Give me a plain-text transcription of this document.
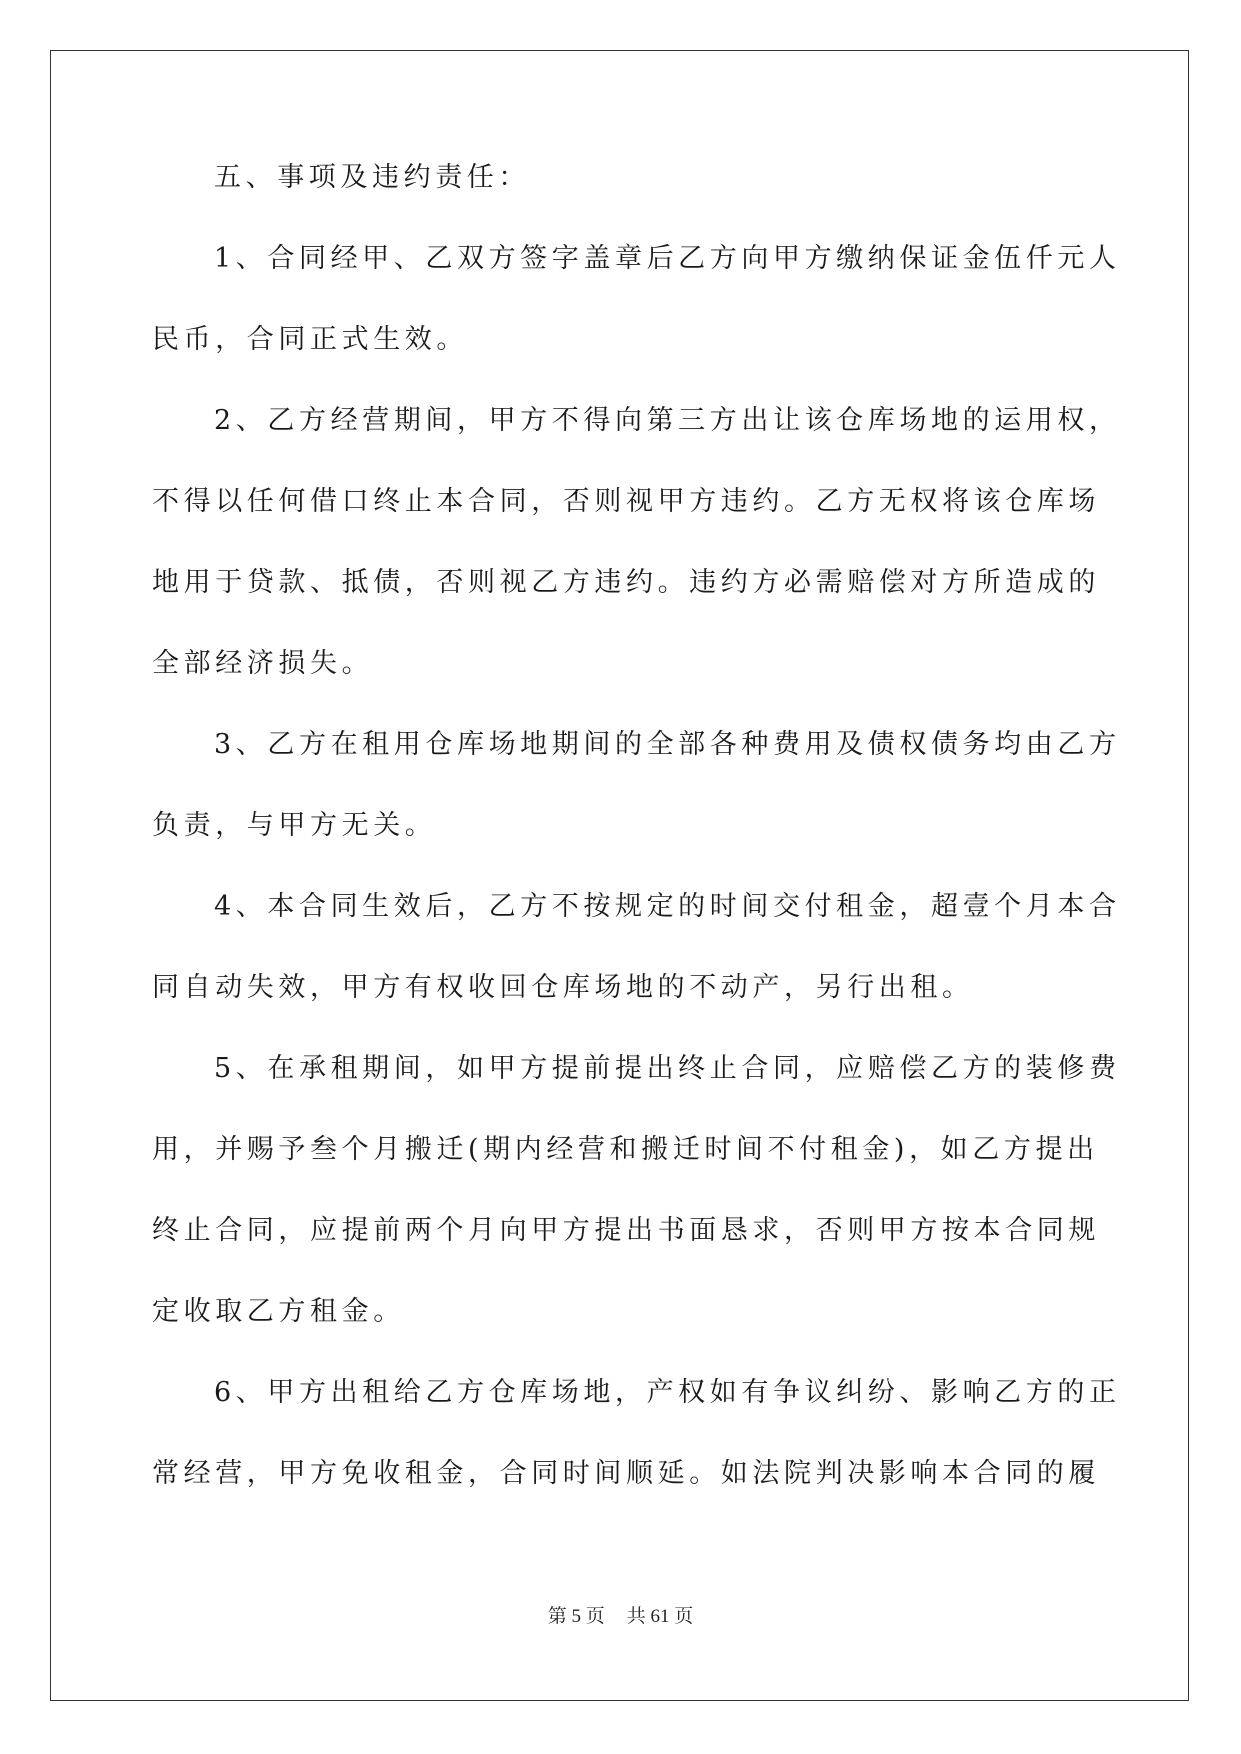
五、事项及违约责任：
1、合同经甲、乙双方签字盖章后乙方向甲方缴纳保证金伍仟元人
民币，合同正式生效。
2、乙方经营期间，甲方不得向第三方出让该仓库场地的运用权，
不得以任何借口终止本合同，否则视甲方违约。乙方无权将该仓库场
地用于贷款、抵债，否则视乙方违约。违约方必需赔偿对方所造成的
全部经济损失。
3、乙方在租用仓库场地期间的全部各种费用及债权债务均由乙方
负责，与甲方无关。
4、本合同生效后，乙方不按规定的时间交付租金，超壹个月本合
同自动失效，甲方有权收回仓库场地的不动产，另行出租。
5、在承租期间，如甲方提前提出终止合同，应赔偿乙方的装修费
用，并赐予叁个月搬迁(期内经营和搬迁时间不付租金)，如乙方提出
终止合同，应提前两个月向甲方提出书面恳求，否则甲方按本合同规
定收取乙方租金。
6、甲方出租给乙方仓库场地，产权如有争议纠纷、影响乙方的正
常经营，甲方免收租金，合同时间顺延。如法院判决影响本合同的履
第 5 页 共 61 页
